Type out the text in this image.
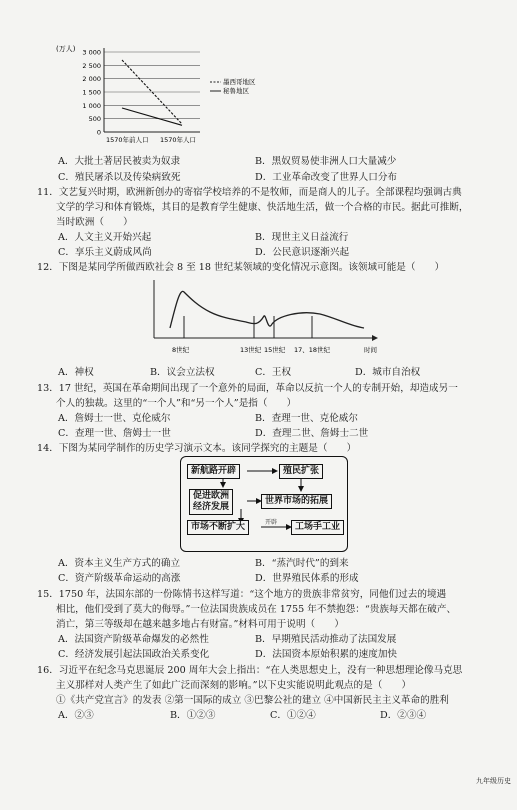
(万人) 3 000
2 500
2 000
1 500
1 000
500
0
墨西哥地区
秘鲁地区
1570年前人口 1570年人口
A．大批土著居民被卖为奴隶	B．黑奴贸易使非洲人口大量减少
C．殖民屠杀以及传染病致死	D．工业革命改变了世界人口分布
11．文艺复兴时期，欧洲新创办的寄宿学校培养的不是牧师，而是商人的儿子。全部课程均强调古典
文学的学习和体育锻炼，其目的是教育学生健康、快活地生活，做一个合格的市民。据此可推断，
当时欧洲（　　）
A．人文主义开始兴起	B．现世主义日益流行
C．享乐主义蔚成风尚	D．公民意识逐渐兴起
12．下图是某同学所做西欧社会 8 至 18 世纪某领域的变化情况示意图。该领域可能是（　　）
8世纪	13世纪 15世纪 17、18世纪	时间
A．神权	B．议会立法权	C．王权	D．城市自治权
13．17 世纪，英国在革命期间出现了一个意外的局面，革命以反抗一个人的专制开始，却造成另一
个人的独裁。这里的“一个人”和“另一个人”是指（　　）
A．詹姆士一世、克伦威尔	B．查理一世、克伦威尔
C．查理一世、詹姆士一世	D．查理二世、詹姆士二世
14．下图为某同学制作的历史学习演示文本。该同学探究的主题是（　　）
新航路开辟	殖民扩张
促进欧洲
经济发展
世界市场的拓展
市场不断扩大	开辟	工场手工业
A．资本主义生产方式的确立	B．“蒸汽时代”的到来
C．资产阶级革命运动的高涨	D．世界殖民体系的形成
15．1750 年，法国东部的一份陈情书这样写道：“这个地方的贵族非常贫穷，同他们过去的境遇
相比，他们受到了莫大的侮辱。”一位法国贵族成员在 1755 年不禁抱怨：“贵族每天都在破产、
消亡，第三等级却在越来越多地占有财富。”材料可用于说明（　　）
A．法国资产阶级革命爆发的必然性	B．早期殖民活动推动了法国发展
C．经济发展引起法国政治关系变化	D．法国资本原始积累的速度加快
16．习近平在纪念马克思诞辰 200 周年大会上指出：“在人类思想史上，没有一种思想理论像马克思
主义那样对人类产生了如此广泛而深刻的影响。”以下史实能说明此观点的是（　　）
①《共产党宣言》的发表 ②第一国际的成立 ③巴黎公社的建立 ④中国新民主主义革命的胜利
A．②③	B．①②③	C．①②④	D．②③④
九年级历史
